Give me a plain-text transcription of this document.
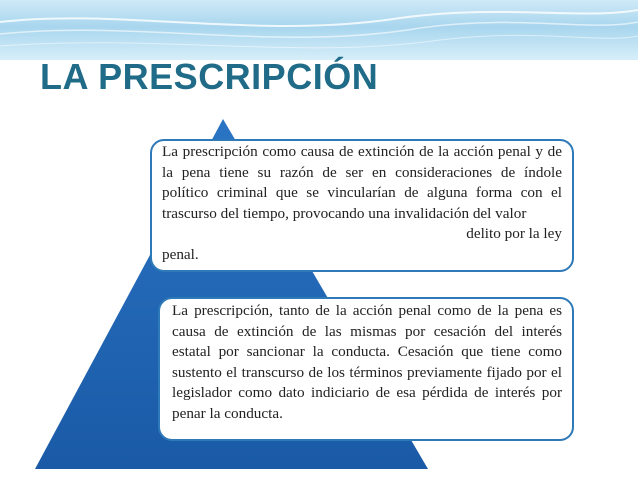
LA PRESCRIPCIÓN
La prescripción como causa de extinción de la acción penal y de la pena tiene su razón de ser en consideraciones de índole político criminal que se vincularían de alguna forma con el trascurso del tiempo, provocando una invalidación del valor
subyace a la conducta	delito por la ley
penal.
La prescripción, tanto de la acción penal como de la pena es causa de extinción de las mismas por cesación del interés estatal por sancionar la conducta. Cesación que tiene como sustento el transcurso de los términos previamente fijado por el legislador como dato indiciario de esa pérdida de interés por penar la conducta.
